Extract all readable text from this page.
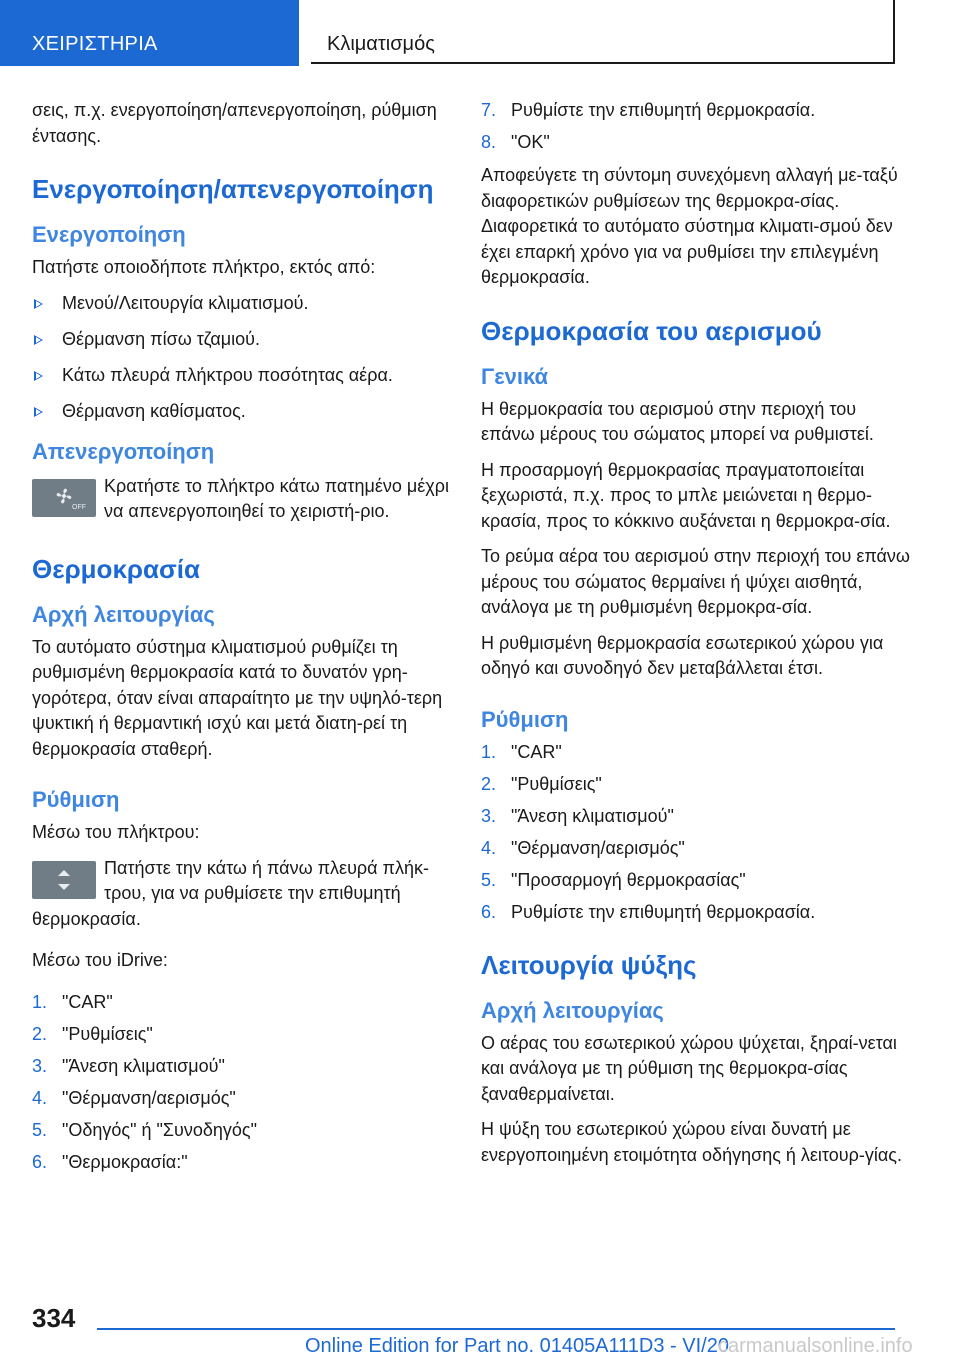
ΧΕΙΡΙΣΤΗΡΙΑ	Κλιματισμός

σεις, π.χ. ενεργοποίηση/απενεργοποίηση, ρύθμιση έντασης.

Ενεργοποίηση/απενεργοποίηση
Ενεργοποίηση

Πατήστε οποιοδήποτε πλήκτρο, εκτός από:

Μενού/Λειτουργία κλιματισμού.
Θέρμανση πίσω τζαμιού.
Κάτω πλευρά πλήκτρου ποσότητας αέρα.
Θέρμανση καθίσματος.
Απενεργοποίηση
OFF
Κρατήστε το πλήκτρο κάτω πατημένο μέχρι να απενεργοποιηθεί το χειριστή-ριο.
Θερμοκρασία
Αρχή λειτουργίας

Το αυτόματο σύστημα κλιματισμού ρυθμίζει τη ρυθμισμένη θερμοκρασία κατά το δυνατόν γρη-γορότερα, όταν είναι απαραίτητο με την υψηλό-τερη ψυκτική ή θερμαντική ισχύ και μετά διατη-ρεί τη θερμοκρασία σταθερή.

Ρύθμιση

Μέσω του πλήκτρου:

Πατήστε την κάτω ή πάνω πλευρά πλήκ-τρου, για να ρυθμίσετε την επιθυμητή θερμοκρασία.

Μέσω του iDrive:

1. "CAR"
2. "Ρυθμίσεις"
3. "Άνεση κλιματισμού"
4. "Θέρμανση/αερισμός"
5. "Οδηγός" ή "Συνοδηγός"
6. "Θερμοκρασία:"
7. Ρυθμίστε την επιθυμητή θερμοκρασία.
8. "OK"

Αποφεύγετε τη σύντομη συνεχόμενη αλλαγή με-ταξύ διαφορετικών ρυθμίσεων της θερμοκρα-σίας. Διαφορετικά το αυτόματο σύστημα κλιματι-σμού δεν έχει επαρκή χρόνο για να ρυθμίσει την επιλεγμένη θερμοκρασία.

Θερμοκρασία του αερισμού
Γενικά

Η θερμοκρασία του αερισμού στην περιοχή του επάνω μέρους του σώματος μπορεί να ρυθμιστεί.

Η προσαρμογή θερμοκρασίας πραγματοποιείται ξεχωριστά, π.χ. προς το μπλε μειώνεται η θερμο-κρασία, προς το κόκκινο αυξάνεται η θερμοκρα-σία.

Το ρεύμα αέρα του αερισμού στην περιοχή του επάνω μέρους του σώματος θερμαίνει ή ψύχει αισθητά, ανάλογα με τη ρυθμισμένη θερμοκρα-σία.

Η ρυθμισμένη θερμοκρασία εσωτερικού χώρου για οδηγό και συνοδηγό δεν μεταβάλλεται έτσι.

Ρύθμιση
1. "CAR"
2. "Ρυθμίσεις"
3. "Άνεση κλιματισμού"
4. "Θέρμανση/αερισμός"
5. "Προσαρμογή θερμοκρασίας"
6. Ρυθμίστε την επιθυμητή θερμοκρασία.
Λειτουργία ψύξης
Αρχή λειτουργίας

Ο αέρας του εσωτερικού χώρου ψύχεται, ξηραί-νεται και ανάλογα με τη ρύθμιση της θερμοκρα-σίας ξαναθερμαίνεται.

Η ψύξη του εσωτερικού χώρου είναι δυνατή με ενεργοποιημένη ετοιμότητα οδήγησης ή λειτουρ-γίας.

334
Online Edition for Part no. 01405A111D3 - VI/20
carmanualsonline.info
